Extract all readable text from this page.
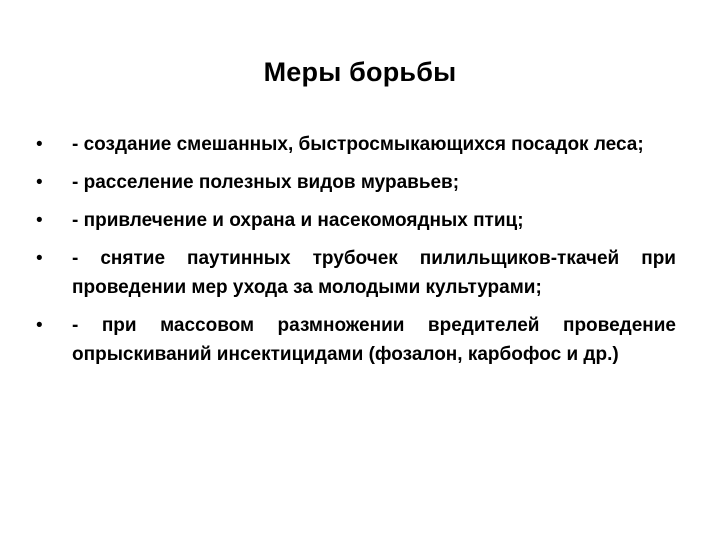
Меры борьбы
•	- создание смешанных, быстросмыкающихся посадок леса;
•	- расселение полезных видов муравьев;
•	- привлечение и охрана и насекомоядных птиц;
•	- снятие паутинных трубочек пилильщиков-ткачей при проведении мер ухода за молодыми культурами;
•	- при массовом размножении вредителей проведение опрыскиваний инсектицидами (фозалон, карбофос и др.)
